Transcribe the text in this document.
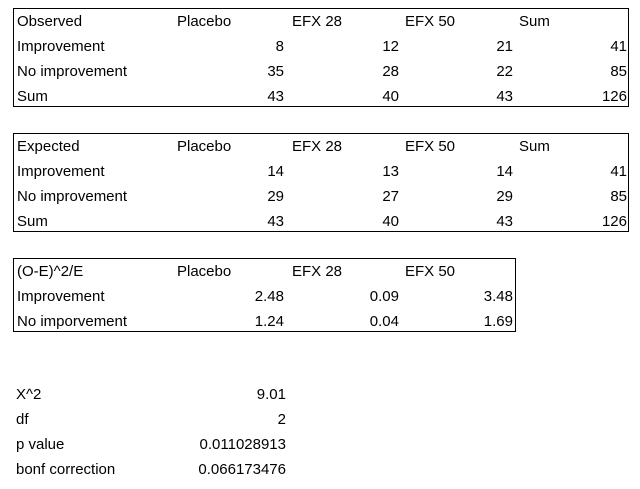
Observed	Placebo	EFX 28	EFX 50	Sum
Improvement	8	12	21	41
No improvement	35	28	22	85
Sum	43	40	43	126
Expected	Placebo	EFX 28	EFX 50	Sum
Improvement	14	13	14	41
No improvement	29	27	29	85
Sum	43	40	43	126
(O-E)^2/E	Placebo	EFX 28	EFX 50
Improvement	2.48	0.09	3.48
No imporvement	1.24	0.04	1.69
X^2	9.01
df	2
p value	0.011028913
bonf correction	0.066173476
